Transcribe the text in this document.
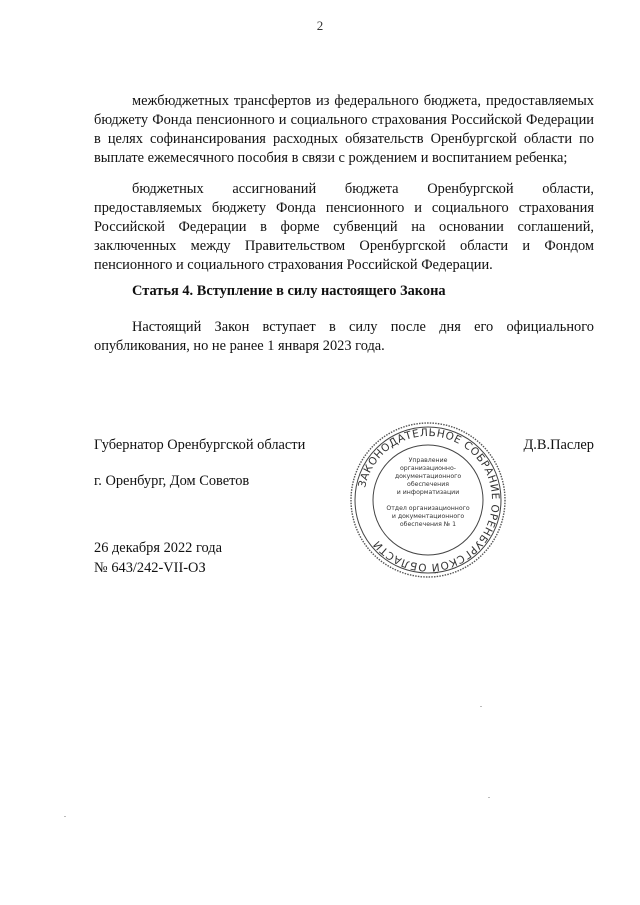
2

межбюджетных трансфертов из федерального бюджета, предоставляемых бюджету Фонда пенсионного и социального страхования Российской Федерации в целях софинансирования расходных обязательств Оренбургской области по выплате ежемесячного пособия в связи с рождением и воспитанием ребенка;

бюджетных ассигнований бюджета Оренбургской области, предоставляемых бюджету Фонда пенсионного и социального страхования Российской Федерации в форме субвенций на основании соглашений, заключенных между Правительством Оренбургской области и Фондом пенсионного и социального страхования Российской Федерации.

Статья 4. Вступление в силу настоящего Закона

Настоящий Закон вступает в силу после дня его официального опубликования, но не ранее 1 января 2023 года.

Губернатор Оренбургской области	Д.В.Паслер
г. Оренбург, Дом Советов
26 декабря 2022 года
№ 643/242-VII-ОЗ
ЗАКОНОДАТЕЛЬНОЕ СОБРАНИЕ ОРЕНБУРГСКОЙ ОБЛАСТИ
Управление
организационно-
документационного
обеспечения
и информатизации
Отдел организационного
и документационного
обеспечения № 1
